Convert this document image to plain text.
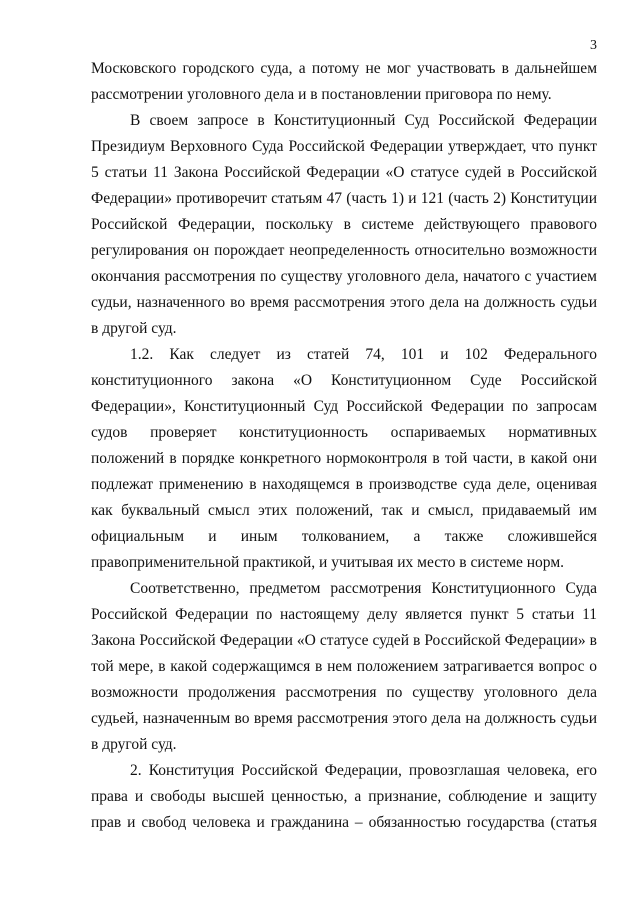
3
Московского городского суда, а потому не мог участвовать в дальнейшем
рассмотрении уголовного дела и в постановлении приговора по нему.
В своем запросе в Конституционный Суд Российской Федерации
Президиум Верховного Суда Российской Федерации утверждает, что пункт
5 статьи 11 Закона Российской Федерации «О статусе судей в Российской
Федерации» противоречит статьям 47 (часть 1) и 121 (часть 2) Конституции
Российской Федерации, поскольку в системе действующего правового
регулирования он порождает неопределенность относительно возможности
окончания рассмотрения по существу уголовного дела, начатого с участием
судьи, назначенного во время рассмотрения этого дела на должность судьи
в другой суд.
1.2. Как следует из статей 74, 101 и 102 Федерального
конституционного закона «О Конституционном Суде Российской
Федерации», Конституционный Суд Российской Федерации по запросам
судов проверяет конституционность оспариваемых нормативных
положений в порядке конкретного нормоконтроля в той части, в какой они
подлежат применению в находящемся в производстве суда деле, оценивая
как буквальный смысл этих положений, так и смысл, придаваемый им
официальным и иным толкованием, а также сложившейся
правоприменительной практикой, и учитывая их место в системе норм.
Соответственно, предметом рассмотрения Конституционного Суда
Российской Федерации по настоящему делу является пункт 5 статьи 11
Закона Российской Федерации «О статусе судей в Российской Федерации» в
той мере, в какой содержащимся в нем положением затрагивается вопрос о
возможности продолжения рассмотрения по существу уголовного дела
судьей, назначенным во время рассмотрения этого дела на должность судьи
в другой суд.
2. Конституция Российской Федерации, провозглашая человека, его
права и свободы высшей ценностью, а признание, соблюдение и защиту
прав и свобод человека и гражданина – обязанностью государства (статья
